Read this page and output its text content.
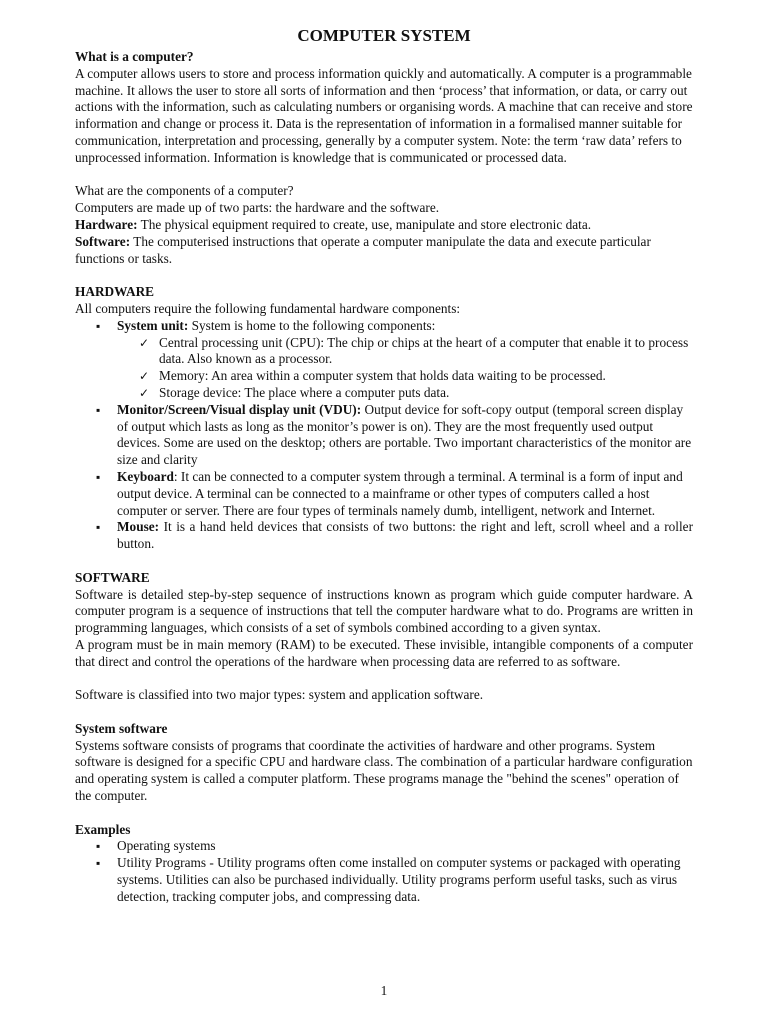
COMPUTER SYSTEM

What is a computer?

A computer allows users to store and process information quickly and automatically. A computer is a programmable machine. It allows the user to store all sorts of information and then ‘process’ that information, or data, or carry out actions with the information, such as calculating numbers or organising words. A machine that can receive and store information and change or process it. Data is the representation of information in a formalised manner suitable for communication, interpretation and processing, generally by a computer system. Note: the term ‘raw data’ refers to unprocessed information. Information is knowledge that is communicated or processed data.

What are the components of a computer?

Computers are made up of two parts: the hardware and the software.

Hardware: The physical equipment required to create, use, manipulate and store electronic data.

Software: The computerised instructions that operate a computer manipulate the data and execute particular functions or tasks.

HARDWARE

All computers require the following fundamental hardware components:

▪ System unit: System is home to the following components:
✓ Central processing unit (CPU): The chip or chips at the heart of a computer that enable it to process data. Also known as a processor.
✓ Memory: An area within a computer system that holds data waiting to be processed.
✓ Storage device: The place where a computer puts data.
▪ Monitor/Screen/Visual display unit (VDU): Output device for soft-copy output (temporal screen display of output which lasts as long as the monitor’s power is on). They are the most frequently used output devices. Some are used on the desktop; others are portable. Two important characteristics of the monitor are size and clarity
▪ Keyboard: It can be connected to a computer system through a terminal. A terminal is a form of input and output device. A terminal can be connected to a mainframe or other types of computers called a host computer or server. There are four types of terminals namely dumb, intelligent, network and Internet.
▪ Mouse: It is a hand held devices that consists of two buttons: the right and left, scroll wheel and a roller button.

SOFTWARE

Software is detailed step-by-step sequence of instructions known as program which guide computer hardware. A computer program is a sequence of instructions that tell the computer hardware what to do. Programs are written in programming languages, which consists of a set of symbols combined according to a given syntax.

A program must be in main memory (RAM) to be executed. These invisible, intangible components of a computer that direct and control the operations of the hardware when processing data are referred to as software.

Software is classified into two major types: system and application software.

System software

Systems software consists of programs that coordinate the activities of hardware and other programs. System software is designed for a specific CPU and hardware class. The combination of a particular hardware configuration and operating system is called a computer platform. These programs manage the "behind the scenes" operation of the computer.

Examples

▪ Operating systems
▪ Utility Programs - Utility programs often come installed on computer systems or packaged with operating systems. Utilities can also be purchased individually. Utility programs perform useful tasks, such as virus detection, tracking computer jobs, and compressing data.
1
